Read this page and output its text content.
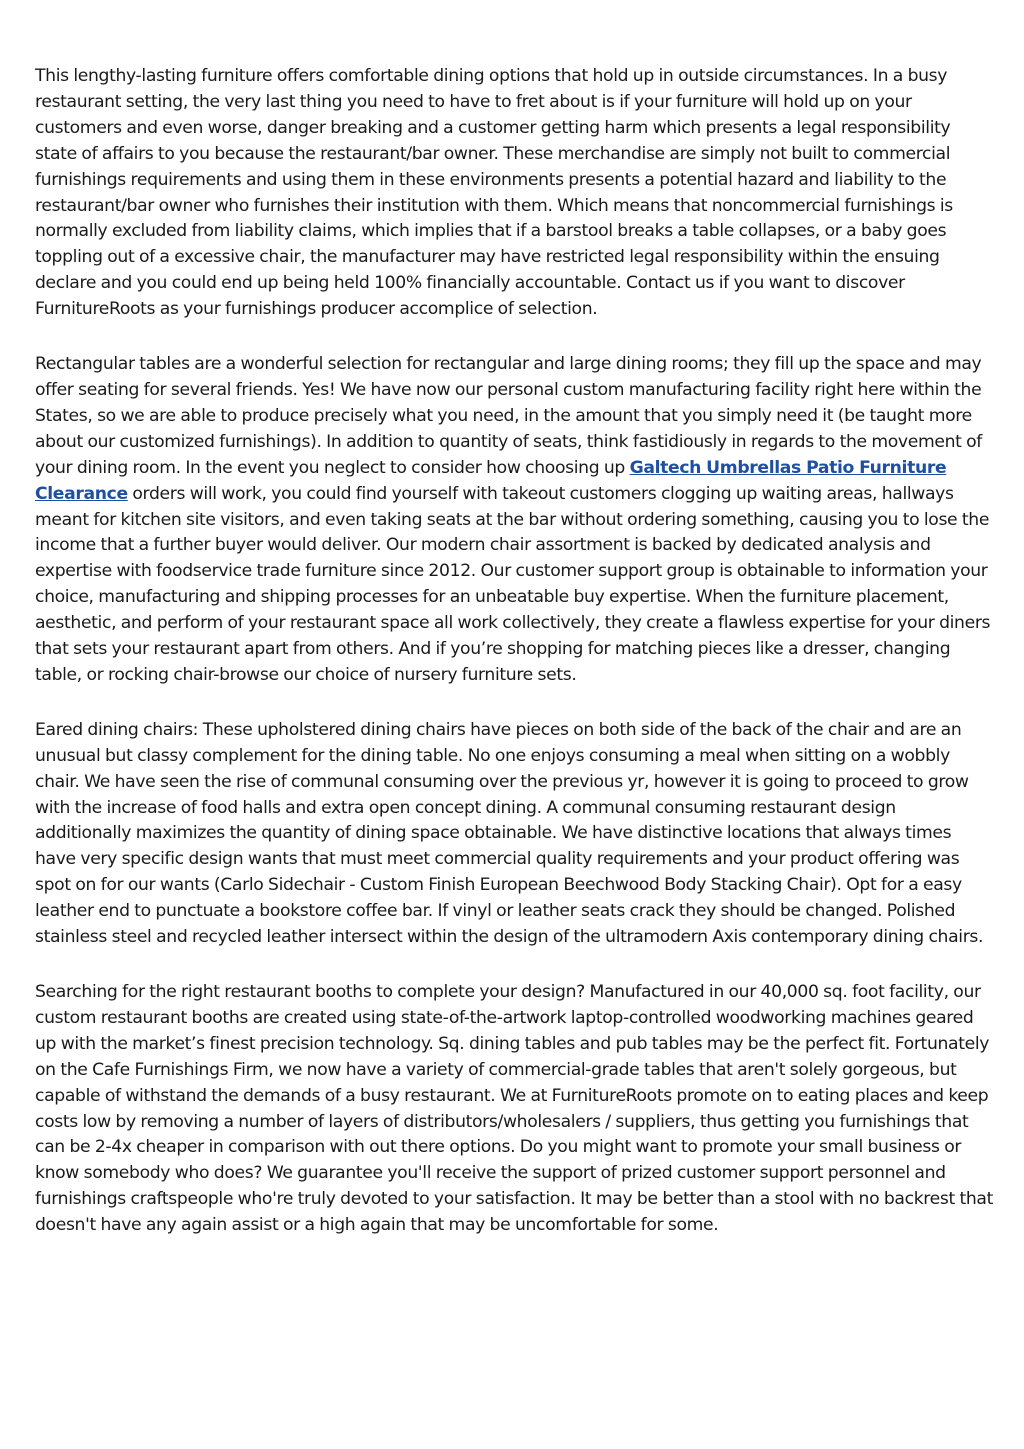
This lengthy-lasting furniture offers comfortable dining options that hold up in outside circumstances. In a busy restaurant setting, the very last thing you need to have to fret about is if your furniture will hold up on your customers and even worse, danger breaking and a customer getting harm which presents a legal responsibility state of affairs to you because the restaurant/bar owner. These merchandise are simply not built to commercial furnishings requirements and using them in these environments presents a potential hazard and liability to the restaurant/bar owner who furnishes their institution with them. Which means that noncommercial furnishings is normally excluded from liability claims, which implies that if a barstool breaks a table collapses, or a baby goes toppling out of a excessive chair, the manufacturer may have restricted legal responsibility within the ensuing declare and you could end up being held 100% financially accountable. Contact us if you want to discover FurnitureRoots as your furnishings producer accomplice of selection.

Rectangular tables are a wonderful selection for rectangular and large dining rooms; they fill up the space and may offer seating for several friends. Yes! We have now our personal custom manufacturing facility right here within the States, so we are able to produce precisely what you need, in the amount that you simply need it (be taught more about our customized furnishings). In addition to quantity of seats, think fastidiously in regards to the movement of your dining room. In the event you neglect to consider how choosing up Galtech Umbrellas Patio Furniture Clearance orders will work, you could find yourself with takeout customers clogging up waiting areas, hallways meant for kitchen site visitors, and even taking seats at the bar without ordering something, causing you to lose the income that a further buyer would deliver. Our modern chair assortment is backed by dedicated analysis and expertise with foodservice trade furniture since 2012. Our customer support group is obtainable to information your choice, manufacturing and shipping processes for an unbeatable buy expertise. When the furniture placement, aesthetic, and perform of your restaurant space all work collectively, they create a flawless expertise for your diners that sets your restaurant apart from others. And if you’re shopping for matching pieces like a dresser, changing table, or rocking chair-browse our choice of nursery furniture sets.

Eared dining chairs: These upholstered dining chairs have pieces on both side of the back of the chair and are an unusual but classy complement for the dining table. No one enjoys consuming a meal when sitting on a wobbly chair. We have seen the rise of communal consuming over the previous yr, however it is going to proceed to grow with the increase of food halls and extra open concept dining. A communal consuming restaurant design additionally maximizes the quantity of dining space obtainable. We have distinctive locations that always times have very specific design wants that must meet commercial quality requirements and your product offering was spot on for our wants (Carlo Sidechair - Custom Finish European Beechwood Body Stacking Chair). Opt for a easy leather end to punctuate a bookstore coffee bar. If vinyl or leather seats crack they should be changed. Polished stainless steel and recycled leather intersect within the design of the ultramodern Axis contemporary dining chairs.

Searching for the right restaurant booths to complete your design? Manufactured in our 40,000 sq. foot facility, our custom restaurant booths are created using state-of-the-artwork laptop-controlled woodworking machines geared up with the market’s finest precision technology. Sq. dining tables and pub tables may be the perfect fit. Fortunately on the Cafe Furnishings Firm, we now have a variety of commercial-grade tables that aren't solely gorgeous, but capable of withstand the demands of a busy restaurant. We at FurnitureRoots promote on to eating places and keep costs low by removing a number of layers of distributors/wholesalers / suppliers, thus getting you furnishings that can be 2-4x cheaper in comparison with out there options. Do you might want to promote your small business or know somebody who does? We guarantee you'll receive the support of prized customer support personnel and furnishings craftspeople who're truly devoted to your satisfaction. It may be better than a stool with no backrest that doesn't have any again assist or a high again that may be uncomfortable for some.
